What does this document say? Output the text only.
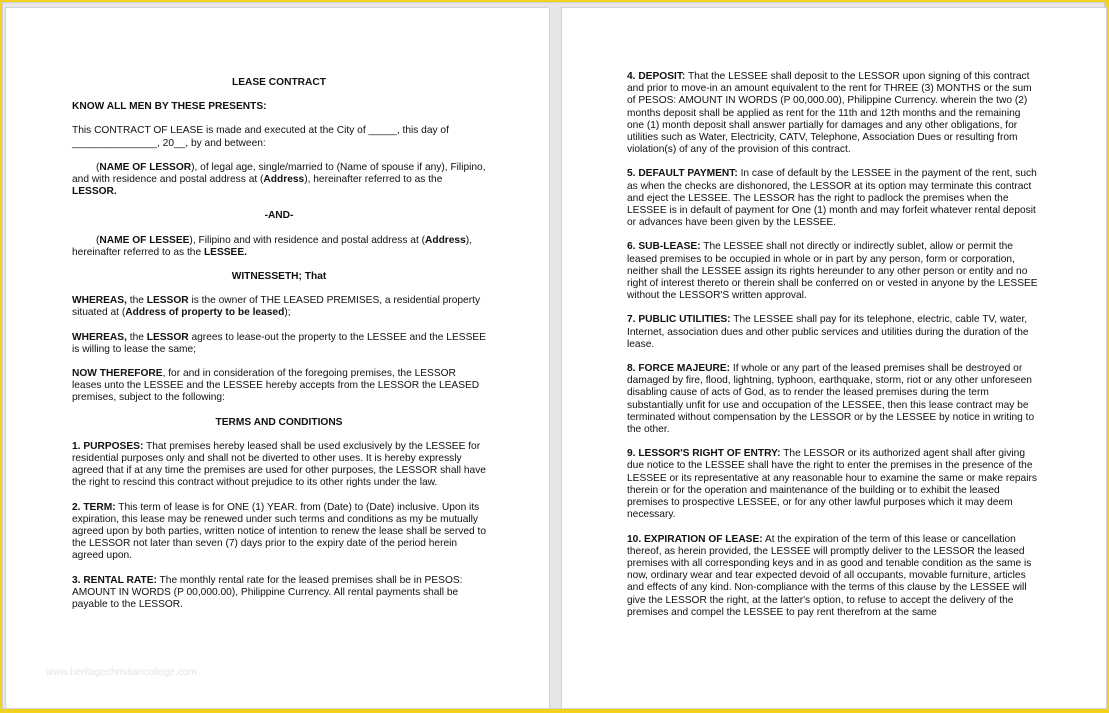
LEASE CONTRACT

KNOW ALL MEN BY THESE PRESENTS:

This CONTRACT OF LEASE is made and executed at the City of _____, this day of _______________, 20__, by and between:

(NAME OF LESSOR), of legal age, single/married to (Name of spouse if any), Filipino, and with residence and postal address at (Address), hereinafter referred to as the LESSOR.

-AND-

(NAME OF LESSEE), Filipino and with residence and postal address at (Address), hereinafter referred to as the LESSEE.

WITNESSETH; That

WHEREAS, the LESSOR is the owner of THE LEASED PREMISES, a residential property situated at (Address of property to be leased);

WHEREAS, the LESSOR agrees to lease-out the property to the LESSEE and the LESSEE is willing to lease the same;

NOW THEREFORE, for and in consideration of the foregoing premises, the LESSOR leases unto the LESSEE and the LESSEE hereby accepts from the LESSOR the LEASED premises, subject to the following:

TERMS AND CONDITIONS

1. PURPOSES: That premises hereby leased shall be used exclusively by the LESSEE for residential purposes only and shall not be diverted to other uses. It is hereby expressly agreed that if at any time the premises are used for other purposes, the LESSOR shall have the right to rescind this contract without prejudice to its other rights under the law.

2. TERM: This term of lease is for ONE (1) YEAR. from (Date) to (Date) inclusive. Upon its expiration, this lease may be renewed under such terms and conditions as my be mutually agreed upon by both parties, written notice of intention to renew the lease shall be served to the LESSOR not later than seven (7) days prior to the expiry date of the period herein agreed upon.

3. RENTAL RATE: The monthly rental rate for the leased premises shall be in PESOS: AMOUNT IN WORDS (P 00,000.00), Philippine Currency. All rental payments shall be payable to the LESSOR.

www.heritagechristiancollege.com

4. DEPOSIT: That the LESSEE shall deposit to the LESSOR upon signing of this contract and prior to move-in an amount equivalent to the rent for THREE (3) MONTHS or the sum of PESOS: AMOUNT IN WORDS (P 00,000.00), Philippine Currency. wherein the two (2) months deposit shall be applied as rent for the 11th and 12th months and the remaining one (1) month deposit shall answer partially for damages and any other obligations, for utilities such as Water, Electricity, CATV, Telephone, Association Dues or resulting from violation(s) of any of the provision of this contract.

5. DEFAULT PAYMENT: In case of default by the LESSEE in the payment of the rent, such as when the checks are dishonored, the LESSOR at its option may terminate this contract and eject the LESSEE. The LESSOR has the right to padlock the premises when the LESSEE is in default of payment for One (1) month and may forfeit whatever rental deposit or advances have been given by the LESSEE.

6. SUB-LEASE: The LESSEE shall not directly or indirectly sublet, allow or permit the leased premises to be occupied in whole or in part by any person, form or corporation, neither shall the LESSEE assign its rights hereunder to any other person or entity and no right of interest thereto or therein shall be conferred on or vested in anyone by the LESSEE without the LESSOR'S written approval.

7. PUBLIC UTILITIES: The LESSEE shall pay for its telephone, electric, cable TV, water, Internet, association dues and other public services and utilities during the duration of the lease.

8. FORCE MAJEURE: If whole or any part of the leased premises shall be destroyed or damaged by fire, flood, lightning, typhoon, earthquake, storm, riot or any other unforeseen disabling cause of acts of God, as to render the leased premises during the term substantially unfit for use and occupation of the LESSEE, then this lease contract may be terminated without compensation by the LESSOR or by the LESSEE by notice in writing to the other.

9. LESSOR'S RIGHT OF ENTRY: The LESSOR or its authorized agent shall after giving due notice to the LESSEE shall have the right to enter the premises in the presence of the LESSEE or its representative at any reasonable hour to examine the same or make repairs therein or for the operation and maintenance of the building or to exhibit the leased premises to prospective LESSEE, or for any other lawful purposes which it may deem necessary.

10. EXPIRATION OF LEASE: At the expiration of the term of this lease or cancellation thereof, as herein provided, the LESSEE will promptly deliver to the LESSOR the leased premises with all corresponding keys and in as good and tenable condition as the same is now, ordinary wear and tear expected devoid of all occupants, movable furniture, articles and effects of any kind. Non-compliance with the terms of this clause by the LESSEE will give the LESSOR the right, at the latter's option, to refuse to accept the delivery of the premises and compel the LESSEE to pay rent therefrom at the same
